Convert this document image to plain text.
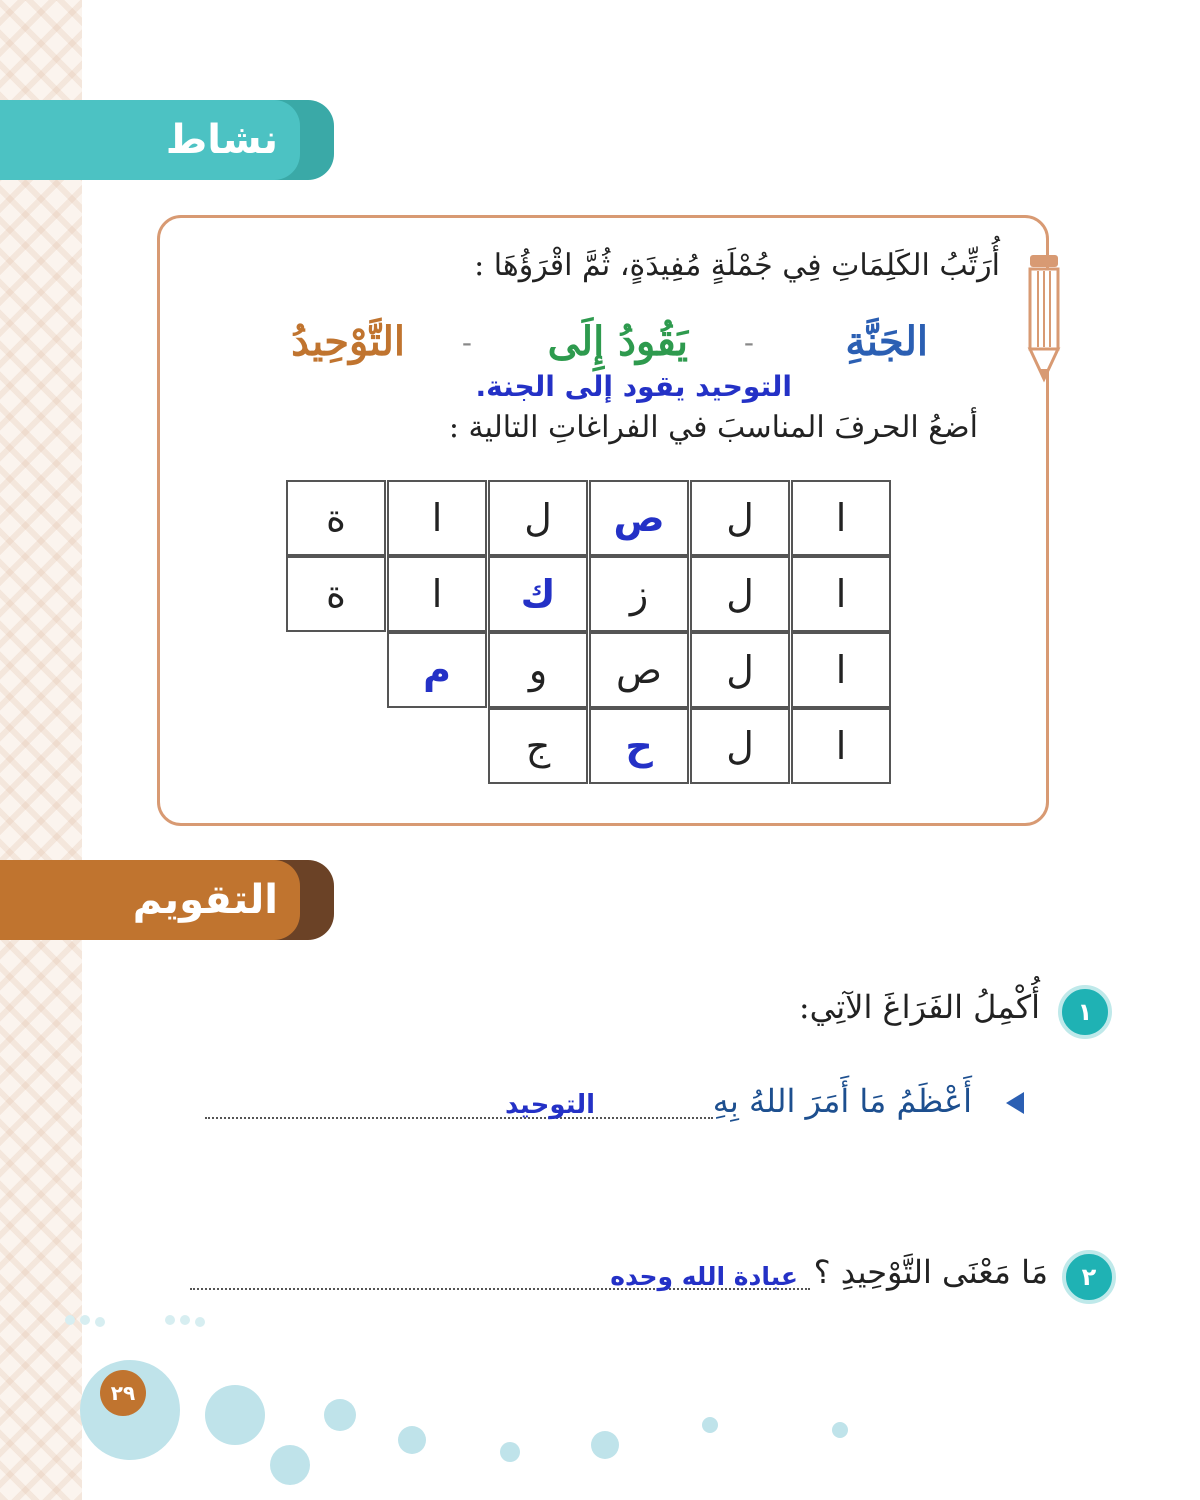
نشاط
أُرَتِّبُ الكَلِمَاتِ فِي جُمْلَةٍ مُفِيدَةٍ، ثُمَّ اقْرَؤُهَا :
الجَنَّةِ
-
يَقُودُ إِلَى
-
التَّوْحِيدُ
التوحيد يقود إلى الجنة.
أضعُ الحرفَ المناسبَ في الفراغاتِ التالية :
ا
ل
ص
ل
ا
ة
ا
ل
ز
ك
ا
ة
ا
ل
ص
و
م
ا
ل
ح
ج
التقويم
١
أُكْمِلُ الفَرَاغَ الآتِي:
أَعْظَمُ مَا أَمَرَ اللهُ بِهِ
التوحيد
٢
مَا مَعْنَى التَّوْحِيدِ ؟
عبادة الله وحده
٢٩
